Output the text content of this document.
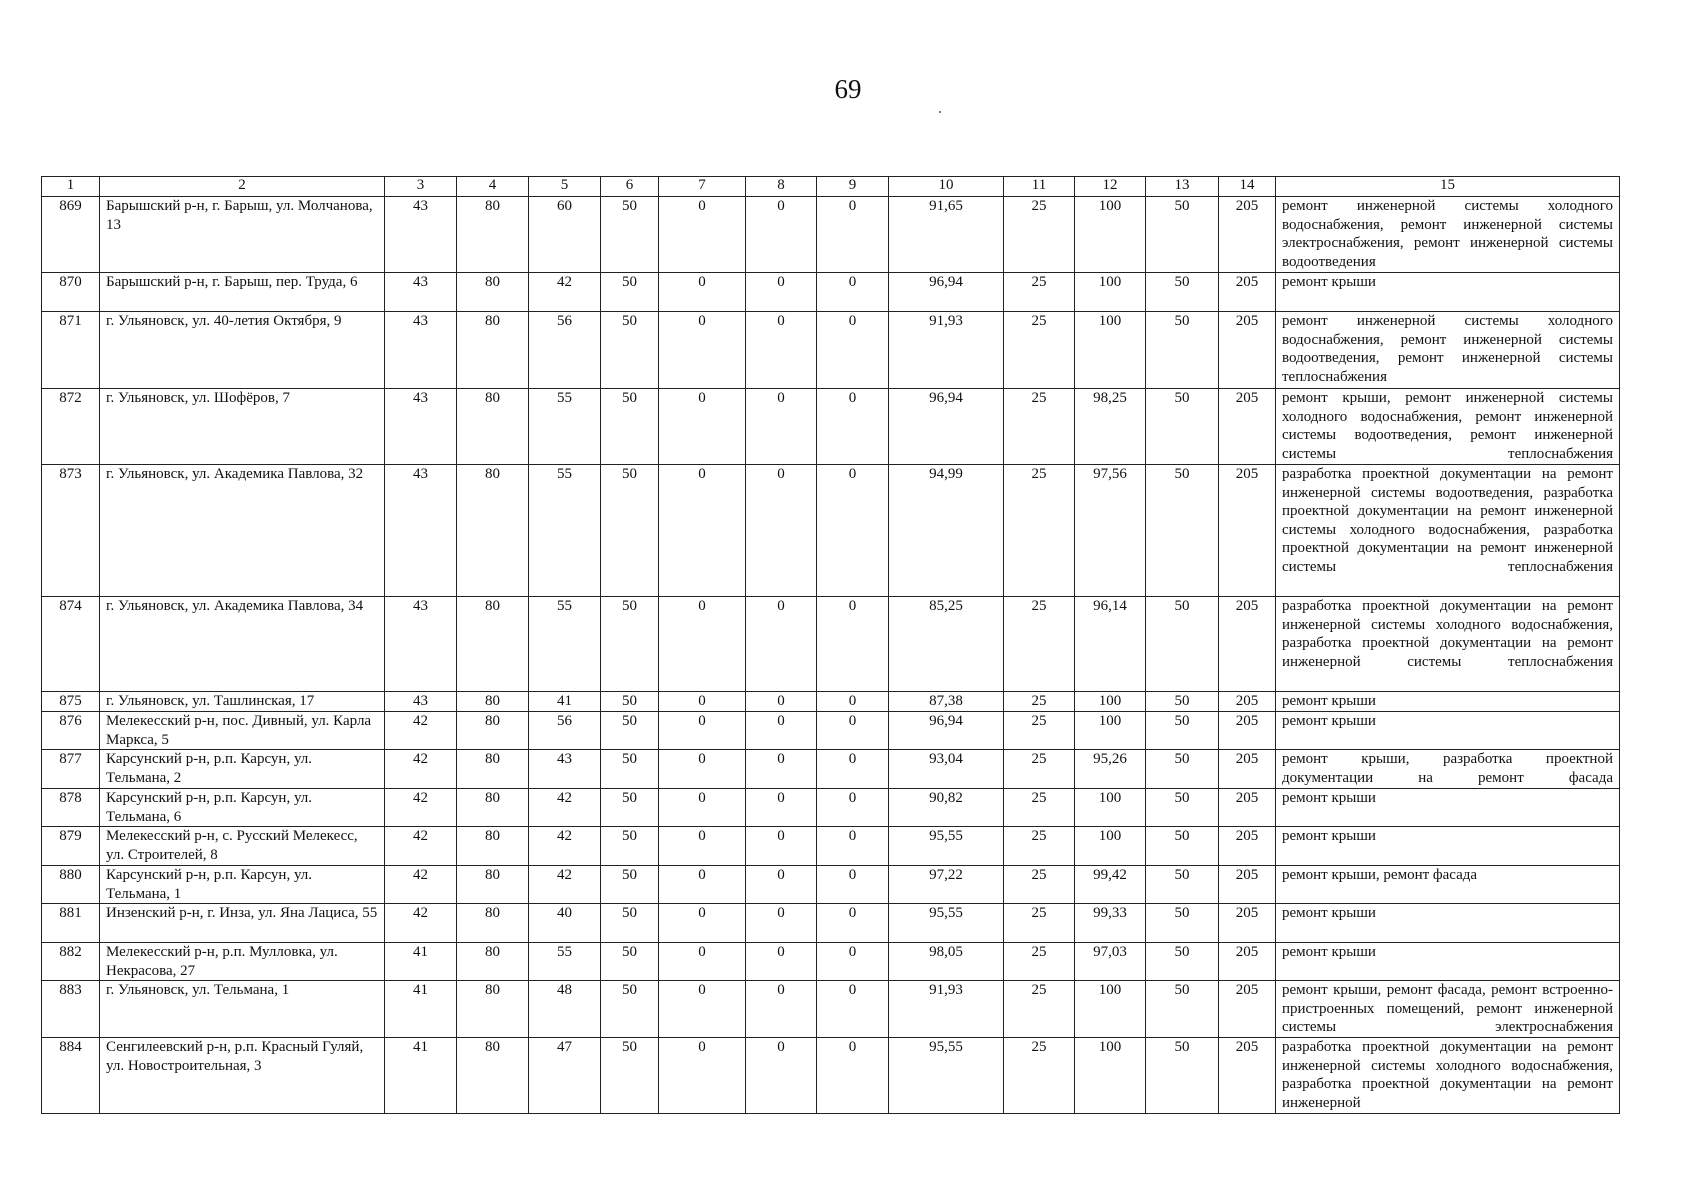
69
1	2	3	4	5	6	7	8	9	10	11	12	13	14	15
869	Барышский р-н, г. Барыш, ул. Молчанова, 13	43	80	60	50	0	0	0	91,65	25	100	50	205	ремонт инженерной системы холодного водоснабжения, ремонт инженерной системы электроснабжения, ремонт инженерной системы водоотведения
870	Барышский р-н, г. Барыш, пер. Труда, 6	43	80	42	50	0	0	0	96,94	25	100	50	205	ремонт крыши
871	г. Ульяновск, ул. 40-летия Октября, 9	43	80	56	50	0	0	0	91,93	25	100	50	205	ремонт инженерной системы холодного водоснабжения, ремонт инженерной системы водоотведения, ремонт инженерной системы теплоснабжения
872	г. Ульяновск, ул. Шофёров, 7	43	80	55	50	0	0	0	96,94	25	98,25	50	205	ремонт крыши, ремонт инженерной системы холодного водоснабжения, ремонт инженерной системы водоотведения, ремонт инженерной системы теплоснабжения
873	г. Ульяновск, ул. Академика Павлова, 32	43	80	55	50	0	0	0	94,99	25	97,56	50	205	разработка проектной документации на ремонт инженерной системы водоотведения, разработка проектной документации на ремонт инженерной системы холодного водоснабжения, разработка проектной документации на ремонт инженерной системы теплоснабжения
874	г. Ульяновск, ул. Академика Павлова, 34	43	80	55	50	0	0	0	85,25	25	96,14	50	205	разработка проектной документации на ремонт инженерной системы холодного водоснабжения, разработка проектной документации на ремонт инженерной системы теплоснабжения
875	г. Ульяновск, ул. Ташлинская, 17	43	80	41	50	0	0	0	87,38	25	100	50	205	ремонт крыши
876	Мелекесский р-н, пос. Дивный, ул. Карла Маркса, 5	42	80	56	50	0	0	0	96,94	25	100	50	205	ремонт крыши
877	Карсунский р-н, р.п. Карсун, ул. Тельмана, 2	42	80	43	50	0	0	0	93,04	25	95,26	50	205	ремонт крыши, разработка проектной документации на ремонт фасада
878	Карсунский р-н, р.п. Карсун, ул. Тельмана, 6	42	80	42	50	0	0	0	90,82	25	100	50	205	ремонт крыши
879	Мелекесский р-н, с. Русский Мелекесс, ул. Строителей, 8	42	80	42	50	0	0	0	95,55	25	100	50	205	ремонт крыши
880	Карсунский р-н, р.п. Карсун, ул. Тельмана, 1	42	80	42	50	0	0	0	97,22	25	99,42	50	205	ремонт крыши, ремонт фасада
881	Инзенский р-н, г. Инза, ул. Яна Лациса, 55	42	80	40	50	0	0	0	95,55	25	99,33	50	205	ремонт крыши
882	Мелекесский р-н, р.п. Мулловка, ул. Некрасова, 27	41	80	55	50	0	0	0	98,05	25	97,03	50	205	ремонт крыши
883	г. Ульяновск, ул. Тельмана, 1	41	80	48	50	0	0	0	91,93	25	100	50	205	ремонт крыши, ремонт фасада, ремонт встроенно-пристроенных помещений, ремонт инженерной системы электроснабжения
884	Сенгилеевский р-н, р.п. Красный Гуляй, ул. Новостроительная, 3	41	80	47	50	0	0	0	95,55	25	100	50	205	разработка проектной документации на ремонт инженерной системы холодного водоснабжения, разработка проектной документации на ремонт инженерной
